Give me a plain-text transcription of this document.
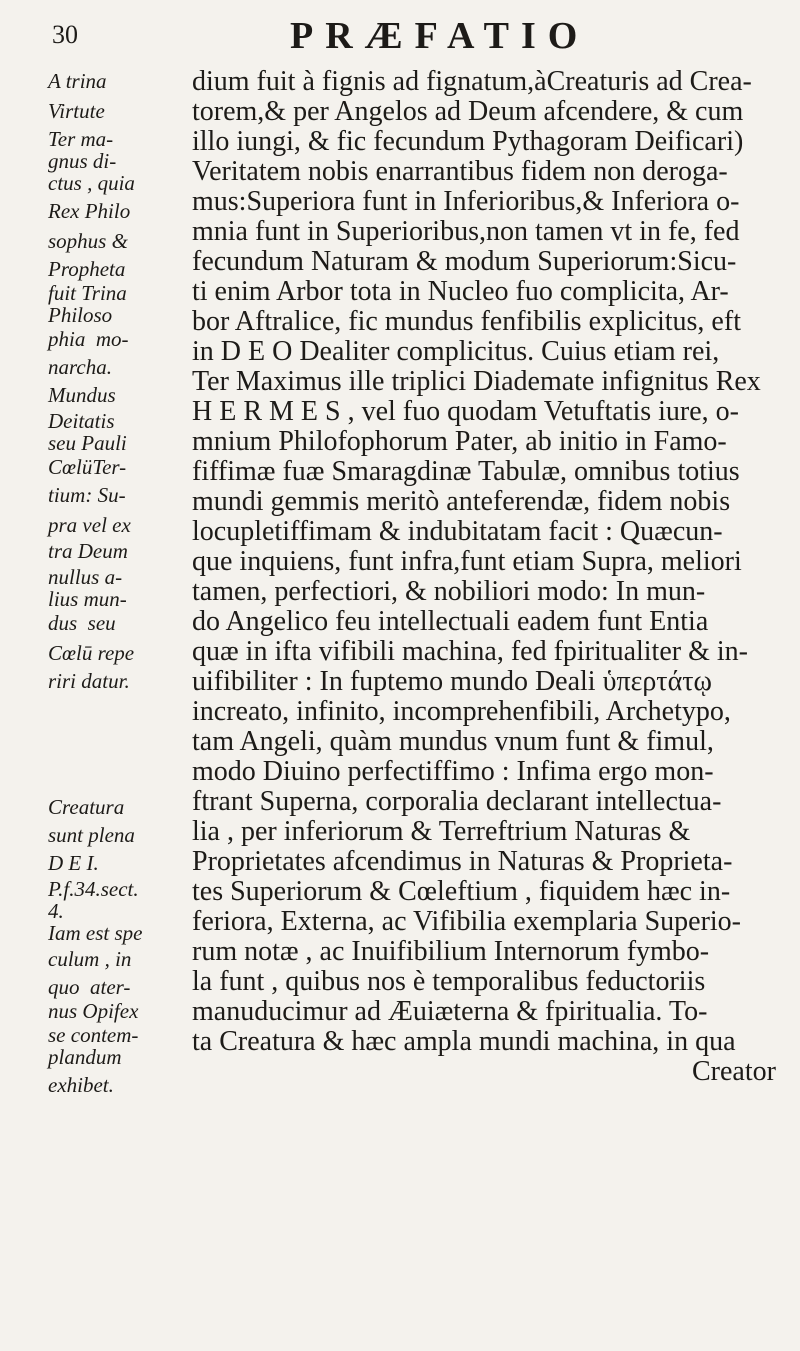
30	PRÆFATIO
A trina
Virtute
Ter ma-
gnus di-
ctus , quia
Rex Philo
sophus &
Propheta
fuit Trina
Philoso
phia  mo-
narcha.
Mundus
Deitatis
seu Pauli
CœlüTer-
tium: Su-
pra vel ex
tra Deum
nullus a-
lius mun-
dus  seu
Cœlū repe
riri datur.
Creatura
sunt plena
D E I.
P.f.34.sect.
4.
Iam est spe
culum , in
quo  ater-
nus Opifex
se contem-
plandum
exhibet.
dium fuit à fignis ad fignatum,àCreaturis ad Crea-
torem,& per Angelos ad Deum afcendere, & cum
illo iungi, & fic fecundum Pythagoram Deificari)
Veritatem nobis enarrantibus fidem non deroga-
mus:Superiora funt in Inferioribus,& Inferiora o-
mnia funt in Superioribus,non tamen vt in fe, fed
fecundum Naturam & modum Superiorum:Sicu-
ti enim Arbor tota in Nucleo fuo complicita, Ar-
bor Aftralice, fic mundus fenfibilis explicitus, eft
in D E O Dealiter complicitus. Cuius etiam rei,
Ter Maximus ille triplici Diademate infignitus Rex
H E R M E S , vel fuo quodam Vetuftatis iure, o-
mnium Philofophorum Pater, ab initio in Famo-
fiffimæ fuæ Smaragdinæ Tabulæ, omnibus totius
mundi gemmis meritò anteferendæ, fidem nobis
locupletiffimam & indubitatam facit : Quæcun-
que inquiens, funt infra,funt etiam Supra, meliori
tamen, perfectiori, & nobiliori modo: In mun-
do Angelico feu intellectuali eadem funt Entia
quæ in ifta vifibili machina, fed fpiritualiter & in-
uifibiliter : In fuptemo mundo Deali ὑπερτάτῳ
increato, infinito, incomprehenfibili, Archetypo,
tam Angeli, quàm mundus vnum funt & fimul,
modo Diuino perfectiffimo : Infima ergo mon-
ftrant Superna, corporalia declarant intellectua-
lia , per inferiorum & Terreftrium Naturas &
Proprietates afcendimus in Naturas & Proprieta-
tes Superiorum & Cœleftium , fiquidem hæc in-
feriora, Externa, ac Vifibilia exemplaria Superio-
rum notæ , ac Inuifibilium Internorum fymbo-
la funt , quibus nos è temporalibus feductoriis
manuducimur ad Æuiæterna & fpiritualia. To-
ta Creatura & hæc ampla mundi machina, in qua
Creator
